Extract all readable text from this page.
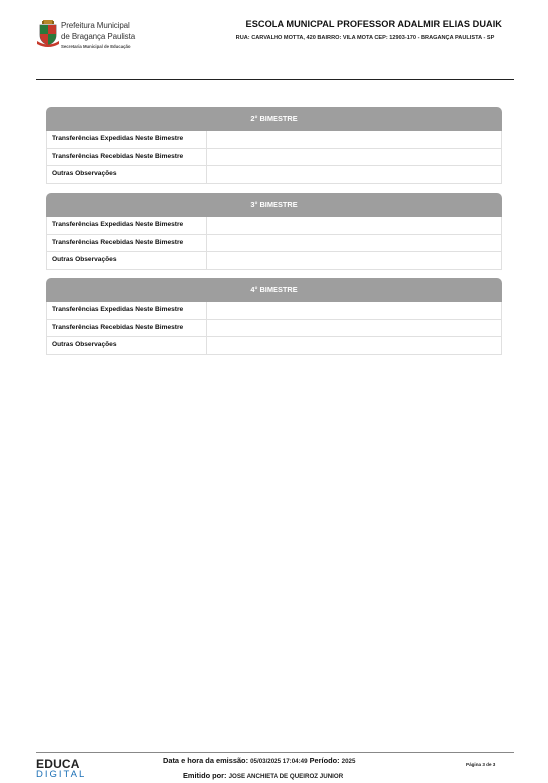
Prefeitura Municipal
de Bragança Paulista
Secretaria Municipal de Educação
ESCOLA MUNICPAL PROFESSOR ADALMIR ELIAS DUAIK
RUA: CARVALHO MOTTA, 420 BAIRRO: VILA MOTA CEP: 12903-170 - BRAGANÇA PAULISTA - SP
2° BIMESTRE
Transferências Expedidas Neste Bimestre
Transferências Recebidas Neste Bimestre
Outras Observações
3° BIMESTRE
Transferências Expedidas Neste Bimestre
Transferências Recebidas Neste Bimestre
Outras Observações
4° BIMESTRE
Transferências Expedidas Neste Bimestre
Transferências Recebidas Neste Bimestre
Outras Observações
EDUCA
DIGITAL
Data e hora da emissão: 05/03/2025 17:04:49 Período: 2025
Emitido por: JOSE ANCHIETA DE QUEIROZ JUNIOR
Página 3 de 3
